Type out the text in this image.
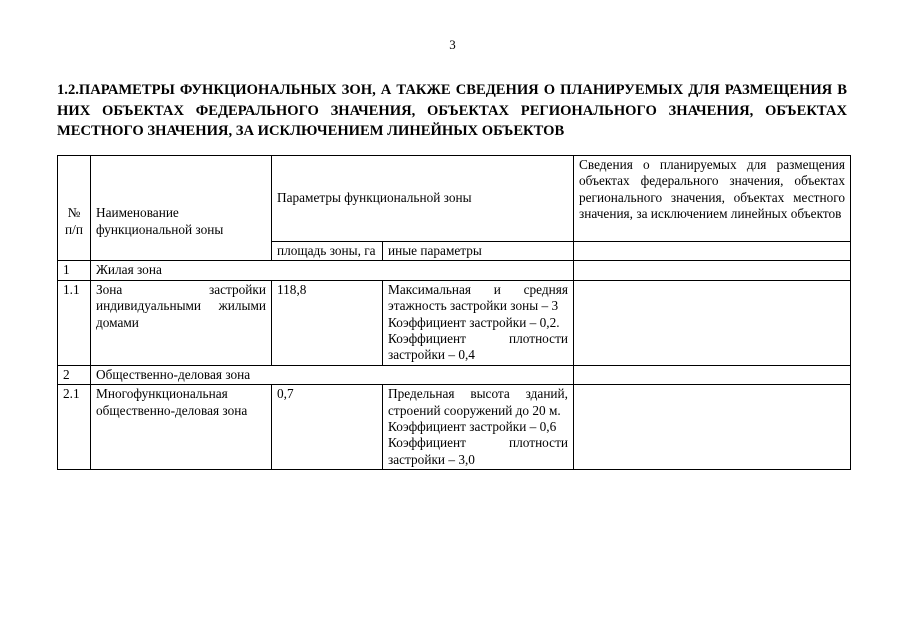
3
1.2.ПАРАМЕТРЫ ФУНКЦИОНАЛЬНЫХ ЗОН, А ТАКЖЕ СВЕДЕНИЯ О ПЛАНИРУЕМЫХ ДЛЯ РАЗМЕЩЕНИЯ В НИХ ОБЪЕКТАХ ФЕДЕРАЛЬНОГО ЗНАЧЕНИЯ, ОБЪЕКТАХ РЕГИОНАЛЬНОГО ЗНАЧЕНИЯ, ОБЪЕКТАХ МЕСТНОГО ЗНАЧЕНИЯ, ЗА ИСКЛЮЧЕНИЕМ ЛИНЕЙНЫХ ОБЪЕКТОВ
№ п/п	Наименование функциональной зоны	Параметры функциональной зоны		Сведения о планируемых для размещения объектах федерального значения, объектах регионального значения, объектах местного значения, за исключением линейных объектов
		площадь зоны, га	иные параметры	
1	Жилая зона			
1.1	Зона застройки индивидуальными жилыми домами	118,8	Максимальная и средняя этажность застройки зоны – 3
Коэффициент застройки – 0,2.
Коэффициент плотности застройки – 0,4	

2	Общественно-деловая зона			
2.1	Многофункциональная общественно-деловая зона	0,7	Предельная высота зданий, строений сооружений до 20 м.
Коэффициент застройки – 0,6
Коэффициент плотности застройки – 3,0	
